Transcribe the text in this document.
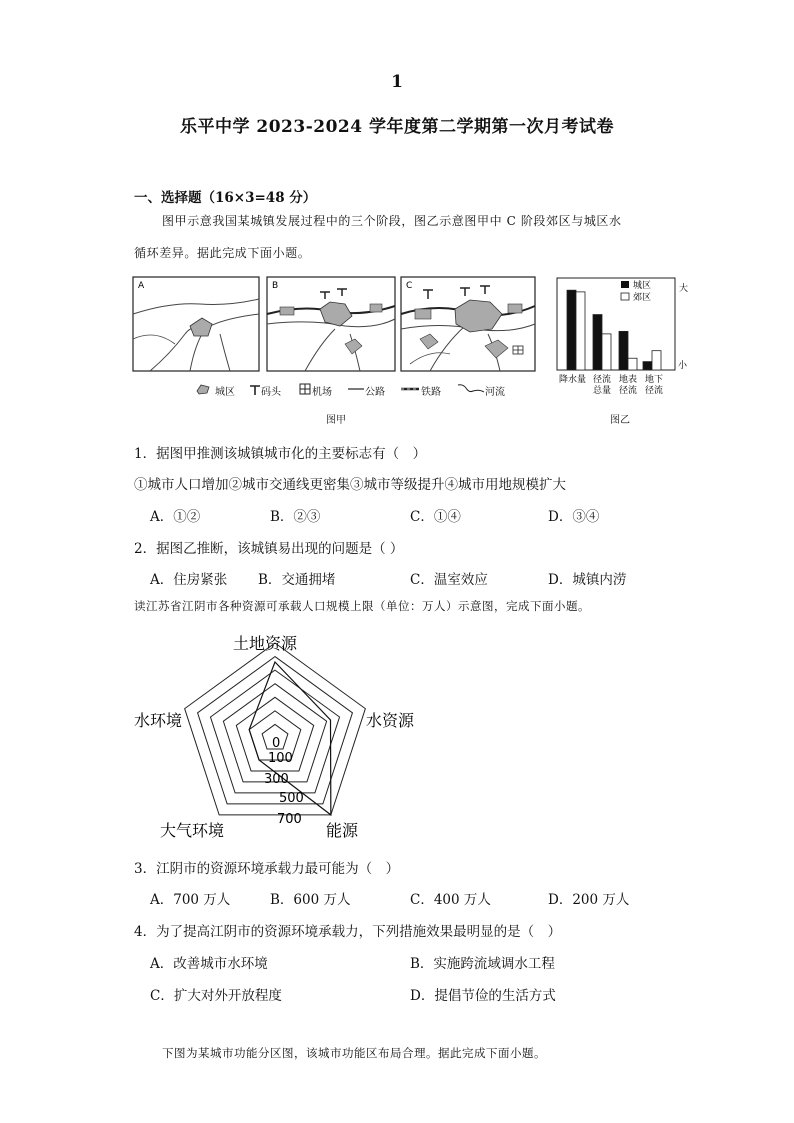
1
乐平中学 2023-2024 学年度第二学期第一次月考试卷
一、选择题（16×3=48 分）
图甲示意我国某城镇发展过程中的三个阶段，图乙示意图甲中 C 阶段郊区与城区水
循环差异。据此完成下面小题。
A	B	C
城区	码头	机场	公路	铁路	河流
图甲
大
小
城区
郊区
降水量 径流
总量
地表
径流
地下
径流
图乙
1．据图甲推测该城镇城市化的主要标志有（　）
①城市人口增加②城市交通线更密集③城市等级提升④城市用地规模扩大
A．①②	B．②③	C．①④	D．③④
2．据图乙推断，该城镇易出现的问题是（ ）
A．住房紧张 B．交通拥堵	C．温室效应	D．城镇内涝
读江苏省江阴市各种资源可承载人口规模上限（单位：万人）示意图，完成下面小题。
土地资源
水资源
能源
大气环境
水环境
0
100
300
500
700
3．江阴市的资源环境承载力最可能为（　）
A．700 万人	B．600 万人	C．400 万人	D．200 万人
4．为了提高江阴市的资源环境承载力，下列措施效果最明显的是（　）
A．改善城市水环境	B．实施跨流域调水工程
C．扩大对外开放程度	D．提倡节俭的生活方式
下图为某城市功能分区图，该城市功能区布局合理。据此完成下面小题。
